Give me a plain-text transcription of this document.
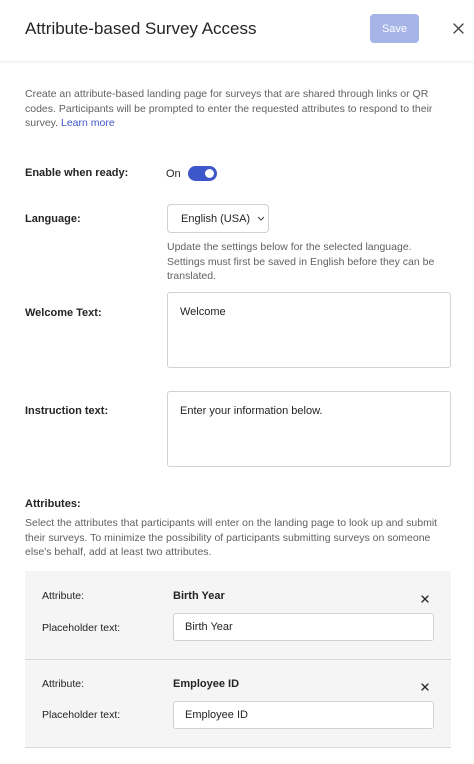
Attribute-based Survey Access	Save
Create an attribute-based landing page for surveys that are shared through links or QR codes. Participants will be prompted to enter the requested attributes to respond to their survey. Learn more
Enable when ready:	On
Language:	English (USA)
Update the settings below for the selected language. Settings must first be saved in English before they can be translated.
Welcome Text:	Welcome
Instruction text:	Enter your information below.
Attributes:
Select the attributes that participants will enter on the landing page to look up and submit their surveys. To minimize the possibility of participants submitting surveys on someone else's behalf, add at least two attributes.
Attribute:	Birth Year
Placeholder text:	Birth Year
Attribute:	Employee ID
Placeholder text:	Employee ID
